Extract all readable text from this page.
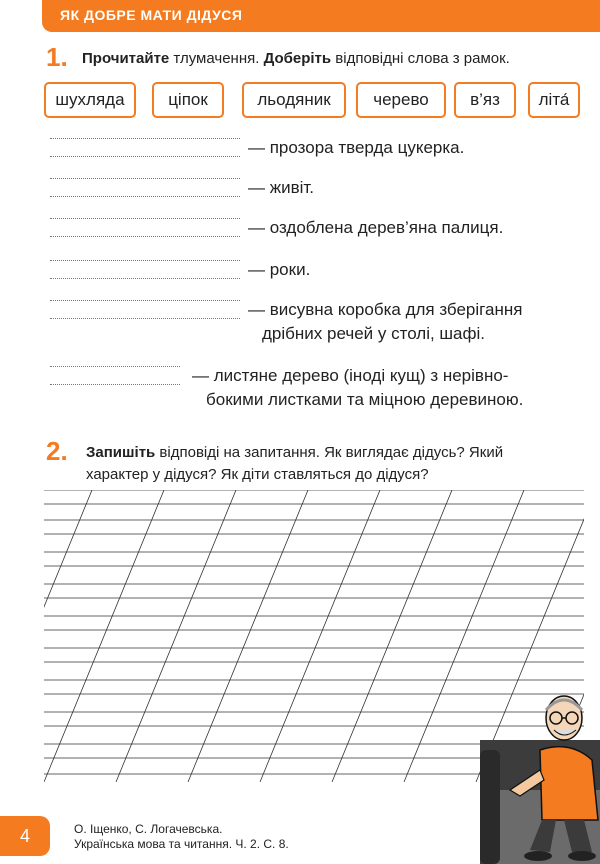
ЯК ДОБРЕ МАТИ ДІДУСЯ
1. Прочитайте тлумачення. Доберіть відповідні слова з рамок.
шухляда	ціпок	льодяник	черево	в’яз	літа́
— прозора тверда цукерка.
— живіт.
— оздоблена дерев’яна палиця.
— роки.
— висувна коробка для зберігання
дрібних речей у столі, шафі.
— листяне дерево (іноді кущ) з нерівно-
бокими листками та міцною деревиною.
2. Запишіть відповіді на запитання. Як виглядає дідусь? Який
характер у дідуся? Як діти ставляться до дідуся?
4	О. Іщенко, С. Логачевська.
Українська мова та читання. Ч. 2. С. 8.
